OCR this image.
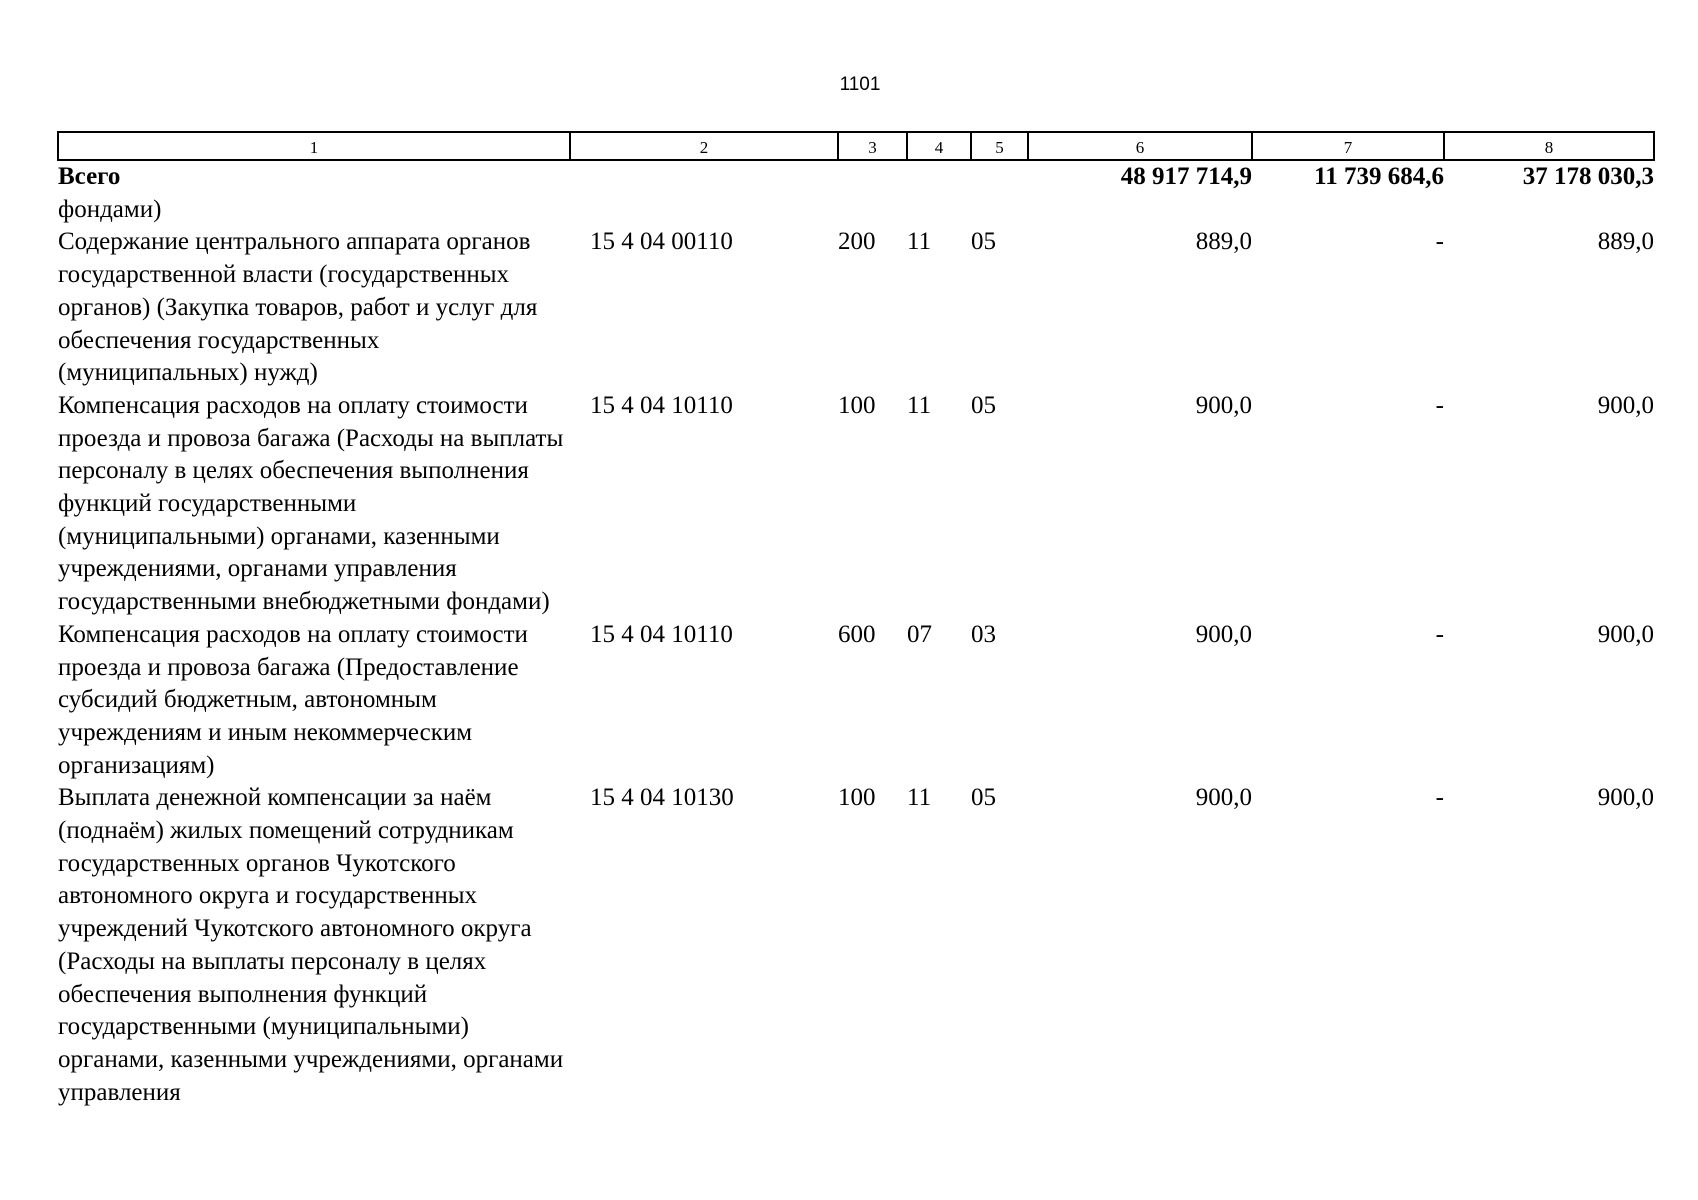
1101
1	2	3	4	5	6	7	8
Всего					48 917 714,9	11 739 684,6	37 178 030,3
фондами)							
Содержание центрального аппарата органов государственной власти (государственных органов) (Закупка товаров, работ и услуг для обеспечения государственных (муниципальных) нужд)	15 4 04 00110	200	11	05	889,0	-	889,0
Компенсация расходов на оплату стоимости проезда и провоза багажа (Расходы на выплаты персоналу в целях обеспечения выполнения функций государственными (муниципальными) органами, казенными учреждениями, органами управления государственными внебюджетными фондами)	15 4 04 10110	100	11	05	900,0	-	900,0
Компенсация расходов на оплату стоимости проезда и провоза багажа (Предоставление субсидий бюджетным, автономным учреждениям и иным некоммерческим организациям)	15 4 04 10110	600	07	03	900,0	-	900,0
Выплата денежной компенсации за наём (поднаём) жилых помещений сотрудникам государственных органов Чукотского автономного округа и государственных учреждений Чукотского автономного округа (Расходы на выплаты персоналу в целях обеспечения выполнения функций государственными (муниципальными) органами, казенными учреждениями, органами управления	15 4 04 10130	100	11	05	900,0	-	900,0
